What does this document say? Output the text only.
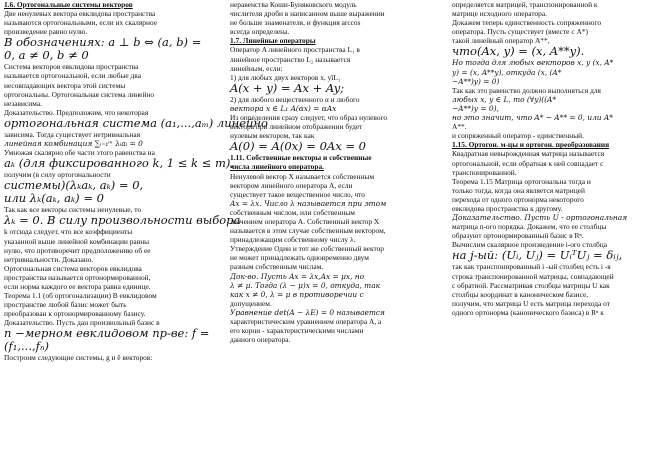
1.6. Ортогональные системы векторов
Две ненулевых вектора евклидова пространства
называются ортогональными, если их скалярное
произведение равно нулю.
В обозначениях: a ⊥ b ⇔ (a, b) =
0, a ≠ 0, b ≠ 0
Система векторов евклидова пространства
называется ортогональной, если любые два
несовпадающих вектора этой системы
ортогональны. Ортогональная система линейно
независима.
Доказательство. Предположим, что некоторая
ортогональная система (a₁,...,aₘ) линейно
зависима. Тогда существует нетривиальная
линейная комбинация ∑ᵢ₌₁ᵐ λᵢaᵢ = 0
Умножая скалярно обе части этого равенства на
aₖ (для фиксированного k, 1 ≤ k ≤ m),
получим (в силу ортогональности
системы)(λₖaₖ, aₖ) = 0,
или λₖ(aₖ, aₖ) = 0
Так как все векторы системы ненулевые, то
λₖ = 0. В силу произвольности выбора
k отсюда следует, что все коэффициенты
указанной выше линейной комбинации равны
нулю, что противоречит предположению об ее
нетривиальности. Доказано.
Ортогональная система векторов евклидова
пространства называется ортонормированной,
если норма каждого ее вектора равна единице.
Теорема 1.1 (об ортогонализации) В евклидовом
пространстве любой базис может быть
преобразован к ортонормированному базису.
Доказательство. Пусть дан произвольный базис в
n −мерном евклидовом пр-ве: f =
(f₁,...,fₙ)
Построим следующие системы, g и ê векторов:
неравенства Коши-Буняковского модуль
числителя дроби в написанном выше выражении
не больше знаменателя, и функция arccos
всегда определена.
1.7. Линейные операторы
Оператор A линейного пространства L₁ в
линейное пространство L₂ называется
линейным, если:
1) для любых двух векторов x, yîL₁
A(x + y) = Ax + Ay;
2) для любого вещественного α и любого
вектора x ∈ L₁ A(αx) = αAx
Из определения сразу следует, что образ нулевого
вектора при линейном отображении будет
нулевым вектором, так как
A(0) = A(0x) = 0Ax = 0
1.11. Собственные векторы и собственные
числа линейного оператора.
Ненулевой вектор X называется собственным
вектором линейного оператора A, если
существует такое вещественное число, что
Ax = λx. Число λ называется при этом
собственным числом, или собственным
значением оператора A. Собственный вектор X
называется в этом случае собственным вектором,
принадлежащим собственному числу λ.
Утверждение Один и тот же собственный вектор
не может принадлежать одновременно двум
разным собственным числам.
Док-во. Пусть Ax = λx,Ax = μx, но
λ ≠ μ. Тогда (λ − μ)x = 0, откуда, так
как x ≠ 0, λ = μ в противоречии с
допущением.
Уравнение det(A − λE) = 0 называется
характеристическим уравнением оператора A, а
его корни - характеристическими числами
данного оператора.
определяется матрицей, транспонированной к
матрице исходного оператора.
Докажем теперь единственность сопряженного
оператора. Пусть существует (вместе с A*)
такой линейный оператор A**,
что(Ax, y) = (x, A**y).
Но тогда для любых векторов x, y (x, A*
y) = (x, A**y), откуда (x, (A*
−A**)y) = 0)
Так как это равенство должно выполняться для
любых x, y ∈ L, то (∀y)((A*
−A**)y = 0),
но это значит, что A* − A** = 0, или A*
A**.
и сопряженный оператор - единственный.
1.15. Ортогон. м-цы и ортогон. преобразования
Квадратная невырожденная матрица называется
ортогональной, если обратная к ней совпадает с
транспонированной.
Теорема 1.15 Матрица ортогональна тогда и
только тогда, когда она является матрицей
перехода от одного ортонорма некоторого
евклидова пространства к другому.
Доказательство. Пусть U - ортогональная
матрица n-ого порядка. Докажем, что ее столбцы
образуют ортонормированный базис в Rⁿ.
Вычислим скалярное произведение i-ого столбца
на j-ый: (Uᵢ, Uⱼ) = UᵢᵀUⱼ = δᵢⱼ,
так как транспонированный i -ый столбец есть i -я
строка транспонированной матрицы, совпадающей
с обратной. Рассматривая столбцы матрицы U как
столбцы координат в каноническом базисе,
получим, что матрица U есть матрица перехода от
одного ортонорма (канонического базиса) в Rⁿ к
